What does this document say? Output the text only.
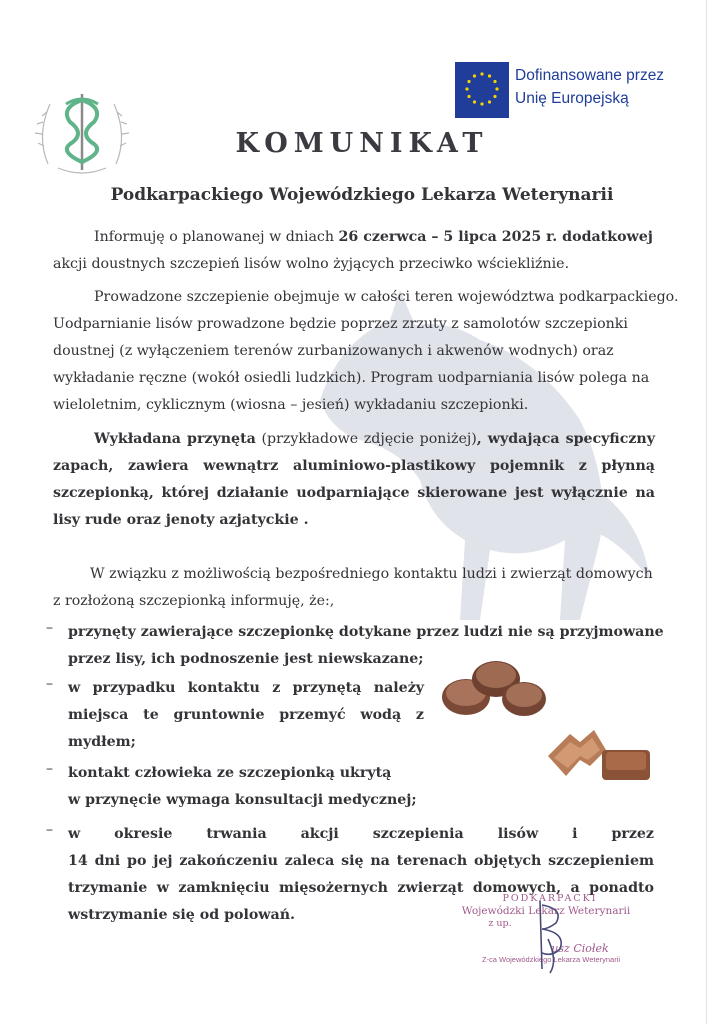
Dofinansowane przez
Unię Europejską
KOMUNIKAT
Podkarpackiego Wojewódzkiego Lekarza Weterynarii

Informuję o planowanej w dniach 26 czerwca – 5 lipca 2025 r. dodatkowej

akcji doustnych szczepień lisów wolno żyjących przeciwko wściekliźnie.

Prowadzone szczepienie obejmuje w całości teren województwa podkarpackiego.

Uodparnianie lisów prowadzone będzie poprzez zrzuty z samolotów szczepionki

doustnej (z wyłączeniem terenów zurbanizowanych i akwenów wodnych) oraz

wykładanie ręczne (wokół osiedli ludzkich). Program uodparniania lisów polega na

wieloletnim, cyklicznym (wiosna – jesień) wykładaniu szczepionki.

Wykładana przynęta (przykładowe zdjęcie poniżej), wydająca specyficzny zapach, zawiera wewnątrz aluminiowo-plastikowy pojemnik z płynną szczepionką, której działanie uodparniające skierowane jest wyłącznie na lisy rude oraz jenoty azjatyckie .

W związku z możliwością bezpośredniego kontaktu ludzi i zwierząt domowych

z rozłożoną szczepionką informuję, że:,

– przynęty zawierające szczepionkę dotykane przez ludzi nie są przyjmowane

przez lisy, ich podnoszenie jest niewskazane;

– w przypadku kontaktu z przynętą należy

miejsca te gruntownie przemyć wodą z

mydłem;

– kontakt człowieka ze szczepionką ukrytą

w przynęcie wymaga konsultacji medycznej;

– w okresie trwania akcji szczepienia lisów i przez

14 dni po jej zakończeniu zaleca się na terenach objętych szczepieniem

trzymanie w zamknięciu mięsożernych zwierząt domowych, a ponadto

wstrzymanie się od polowań.

PODKARPACKI
Wojewódzki Lekarz Weterynarii
z up.
usz Ciołek
Z-ca Wojewódzkiego Lekarza Weterynarii
